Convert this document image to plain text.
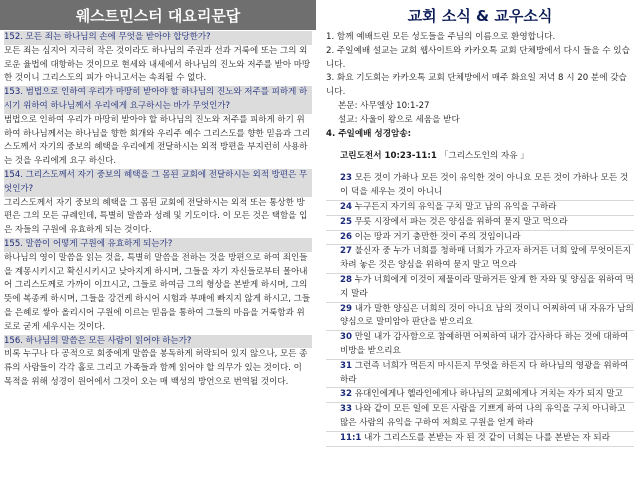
웨스트민스터 대요리문답

152. 모든 죄는 하나님의 손에 무엇을 받아야 합당한가?
모든 죄는 심지어 지극히 작은 것이라도 하나님의 주권과 선과 거룩에 또는 그의 외로운 율법에 대항하는 것이므로 현세와 내세에서 하나님의 진노와 저주를 받아 마땅한 것이니 그리스도의 피가 아니고서는 속죄될 수 없다.

153. 범법으로 인하여 우리가 마땅히 받아야 할 하나님의 진노와 저주를 피하게 하시기 위하여 하나님께서 우리에게 요구하시는 바가 무엇인가?
범법으로 인하여 우리가 마땅히 받아야 할 하나님의 진노와 저주를 피하게 하기 위하여 하나님께서는 하나님을 향한 회개와 우리주 예수 그리스도를 향한 믿음과 그리스도께서 자기의 중보의 혜택을 우리에게 전달하시는 외적 방편을 부지런히 사용하는 것을 우리에게 요구 하신다.

154. 그리스도께서 자기 중보의 혜택을 그 몸된 교회에 전달하시는 외적 방편은 무엇인가?
그리스도께서 자기 중보의 혜택을 그 몸된 교회에 전달하시는 외적 또는 통상한 방편은 그의 모든 규례인데, 특별히 말씀과 성례 및 기도이다. 이 모든 것은 택함을 입은 자들의 구원에 유효하게 되는 것이다.

155. 말씀이 어떻게 구원에 유효하게 되는가?
하나님의 영이 말씀을 읽는 것을, 특별히 말씀을 전하는 것을 방편으로 하여 죄인들을 계몽시키시고 확신시키시고 낮아지게 하시며, 그들을 자기 자신들로부터 몰아내어 그리스도께로 가까이 이끄시고, 그들로 하여금 그의 형상을 본받게 하시며, 그의 뜻에 복종케 하시며, 그들을 강건케 하시어 시험과 부패에 빠지지 않게 하시고, 그들을 은혜로 쌓아 올리시어 구원에 이르는 믿음을 통하여 그들의 마음을 거룩함과 위로로 굳게 세우시는 것이다.

156. 하나님의 말씀은 모든 사람이 읽어야 하는가?
비록 누구나 다 공적으로 회중에게 말씀을 봉독하게 허락되어 있지 않으나, 모든 종류의 사람들이 각각 홀로 그리고 가족들과 함께 읽어야 할 의무가 있는 것이다. 이 목적을 위해 성경이 원어에서 그것이 오는 매 백성의 방언으로 번역될 것이다.

교회 소식 & 교우소식

1. 함께 예배드린 모든 성도들을 주님의 이름으로 환영합니다.

2. 주일예배 설교는 교회 웹사이트와 카카오톡 교회 단체방에서 다시 들을 수 있습니다.

3. 화요 기도회는 카카오톡 교회 단체방에서 매주 화요일 저녁 8 시 20 분에 갖습니다.

본문: 사무엘상 10:1-27

설교: 사울이 왕으로 세움을 받다

4. 주일예배 성경암송:

고린도전서 10:23-11:1 「그리스도인의 자유 」

23 모든 것이 가하나 모든 것이 유익한 것이 아니요 모든 것이 가하나 모든 것이 덕을 세우는 것이 아니니

24 누구든지 자기의 유익을 구치 말고 남의 유익을 구하라

25 무릇 시장에서 파는 것은 양심을 위하여 묻지 말고 먹으라

26 이는 땅과 거기 충만한 것이 주의 것임이니라

27 불신자 중 누가 너희를 청하매 너희가 가고자 하거든 너희 앞에 무엇이든지 차려 놓은 것은 양심을 위하여 묻지 말고 먹으라

28 누가 너희에게 이것이 제물이라 말하거든 알게 한 자와 및 양심을 위하여 먹지 말라

29 내가 말한 양심은 너희의 것이 아니요 남의 것이니 어찌하여 내 자유가 남의 양심으로 말미암아 판단을 받으리요

30 만일 내가 감사함으로 참예하면 어찌하여 내가 감사하다 하는 것에 대하여 비방을 받으리요

31 그런즉 너희가 먹든지 마시든지 무엇을 하든지 다 하나님의 영광을 위하여 하라

32 유대인에게나 헬라인에게나 하나님의 교회에게나 거치는 자가 되지 말고

33 나와 같이 모든 일에 모든 사람을 기쁘게 하여 나의 유익을 구치 아니하고 많은 사람의 유익을 구하여 저희로 구원을 얻게 하라

11:1 내가 그리스도를 본받는 자 된 것 같이 너희는 나를 본받는 자 되라
